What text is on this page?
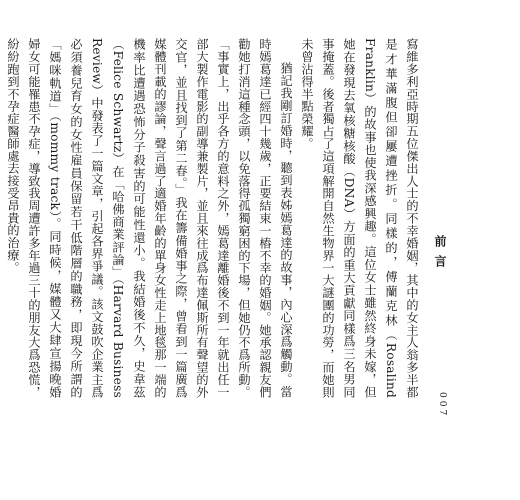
寫維多利亞時期五位傑出人士的不幸婚姻，其中的女主人翁多半都是才華滿腹但卻屢遭挫折。同樣的，傅蘭克林（Rosalind Franklin）的故事也使我深感興趣。這位女士雖然終身未嫁，但她在發現去氧核糖核酸（DNA）方面的重大貢獻同樣爲三名男同事掩蓋。後者獨占了這項解開自然生物界一大謎團的功勞，而她則未曾沾得半點榮耀。

猶記我剛訂婚時，聽到表姊嫣葛達的故事，內心深爲觸動。當時嫣葛達已經四十幾歲，正要結束一樁不幸的婚姻。她承認親友們勸她打消這種念頭，以免落得孤獨窮困的下場，但她仍不爲所動。「事實上，出乎各方的意料之外，嫣葛達離婚後不到一年就出任一部大製作電影的副導兼製片，並且來往成爲布達佩斯所有聲望的外交官，並且找到了第二春。」我在籌備婚事之際，曾看到一篇廣爲媒體刊載的謬論，聲言過了適婚年齡的單身女性走上地毯那一端的機率比遭遇恐怖分子殺害的可能性還小。我結婚後不久，史韋茲（Felice Schwartz）在「哈佛商業評論」（Harvard Business Review）中發表了一篇文章，引起各界爭議。該文鼓吹企業主爲必須養兒育女的女性雇員保留若干低階層的職務，即現今所謂的「媽咪軌道」（mommy track）。同時候，媒體又大肆宣揚晚婚婦女可能罹患不孕症，導致我周遭許多年過三十的朋友大爲恐慌，紛紛跑到不孕症醫師處去接受昂貴的治療。	前言
007
